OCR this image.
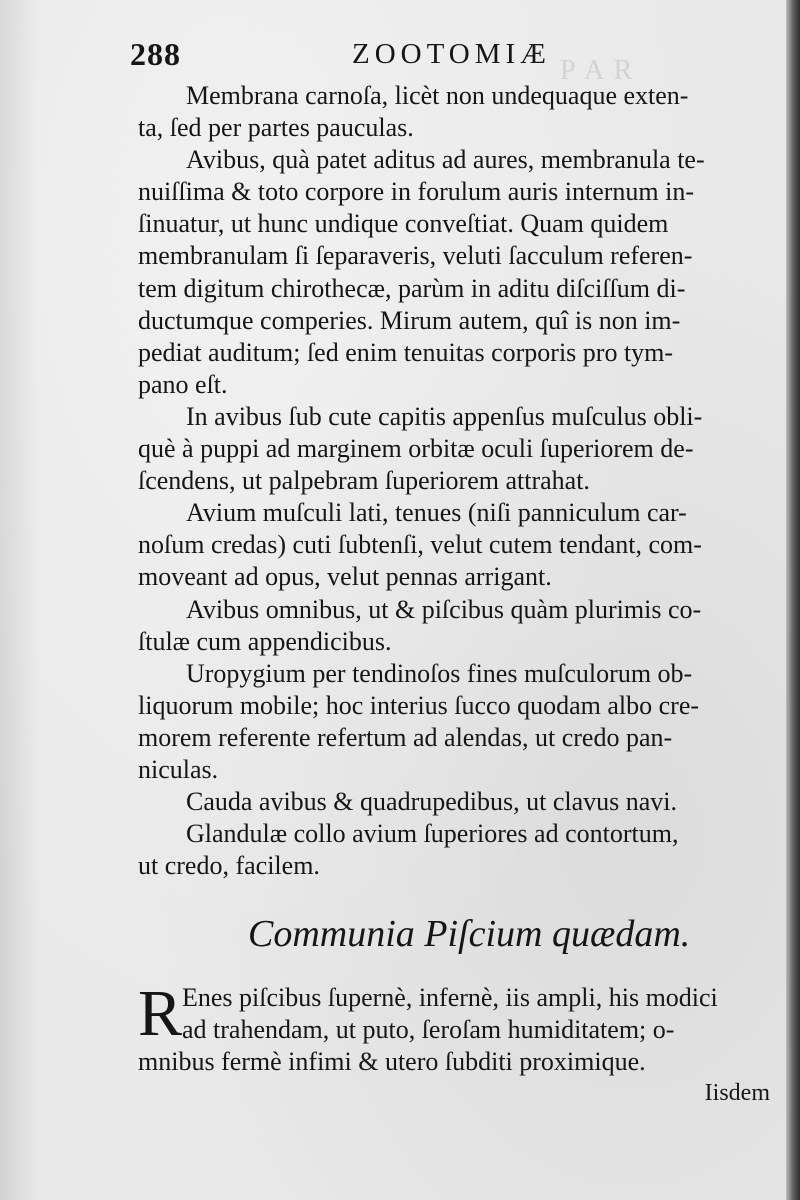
P A R
288	ZOOTOMIÆ
Membrana carnoſa, licèt non undequaque exten-
ta, ſed per partes pauculas.
Avibus, quà patet aditus ad aures, membranula te-
nuiſſima & toto corpore in forulum auris internum in-
ſinuatur, ut hunc undique conveſtiat. Quam quidem
membranulam ſi ſeparaveris, veluti ſacculum referen-
tem digitum chirothecæ, parùm in aditu diſciſſum di-
ductumque comperies. Mirum autem, quî is non im-
pediat auditum; ſed enim tenuitas corporis pro tym-
pano eſt.
In avibus ſub cute capitis appenſus muſculus obli-
què à puppi ad marginem orbitæ oculi ſuperiorem de-
ſcendens, ut palpebram ſuperiorem attrahat.
Avium muſculi lati, tenues (niſi panniculum car-
noſum credas) cuti ſubtenſi, velut cutem tendant, com-
moveant ad opus, velut pennas arrigant.
Avibus omnibus, ut & piſcibus quàm plurimis co-
ſtulæ cum appendicibus.
Uropygium per tendinoſos fines muſculorum ob-
liquorum mobile; hoc interius ſucco quodam albo cre-
morem referente refertum ad alendas, ut credo pan-
niculas.
Cauda avibus & quadrupedibus, ut clavus navi.
Glandulæ collo avium ſuperiores ad contortum,
ut credo, facilem.
Communia Piſcium quædam.
R Enes piſcibus ſupernè, infernè, iis ampli, his modici
ad trahendam, ut puto, ſeroſam humiditatem; o-
mnibus fermè infimi & utero ſubditi proximique.
Iisdem
